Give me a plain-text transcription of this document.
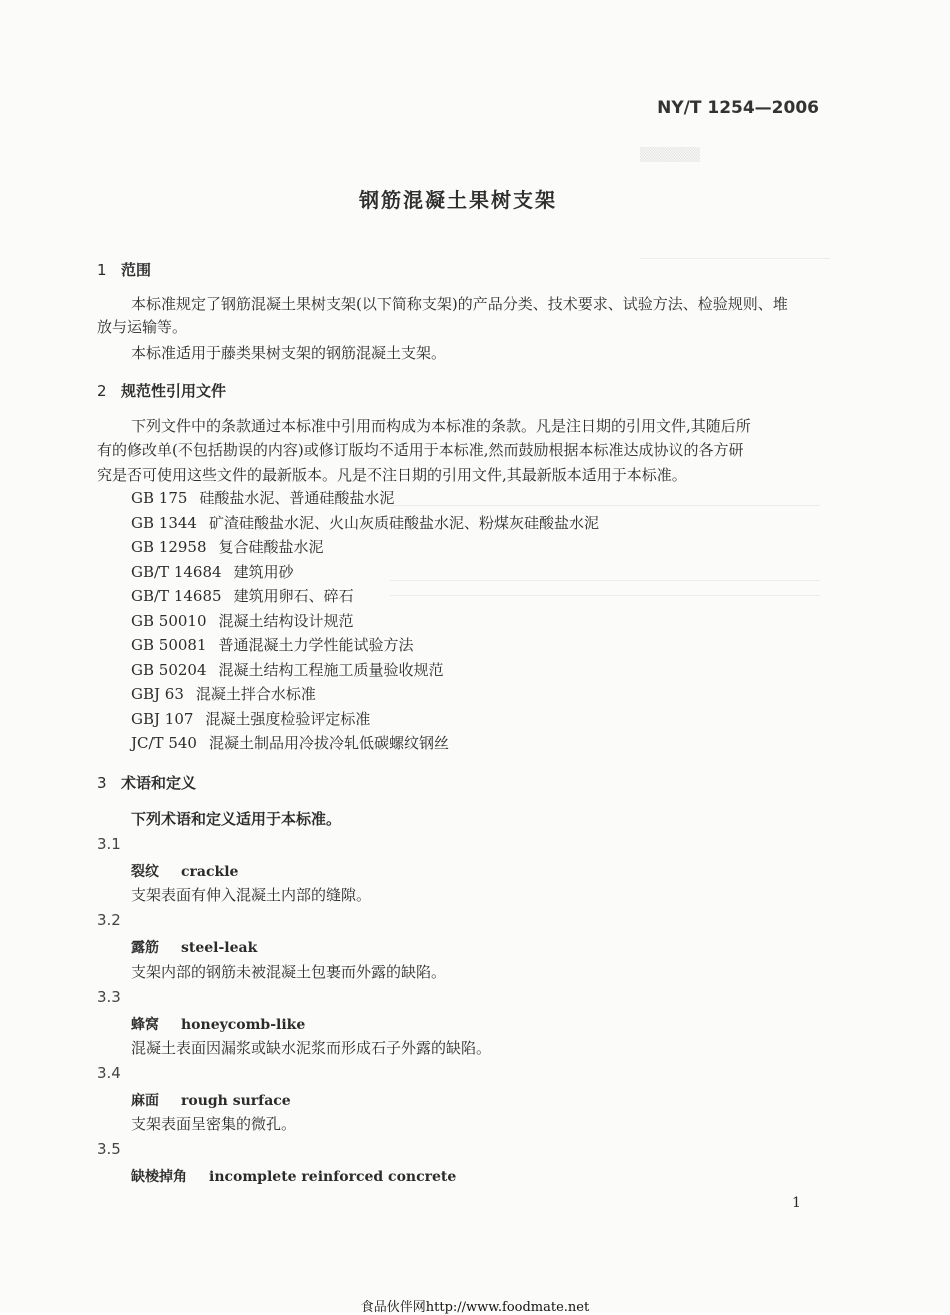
▒▒▒▒▒▒
NY/T 1254—2006
钢筋混凝土果树支架
1 范围
本标准规定了钢筋混凝土果树支架(以下简称支架)的产品分类、技术要求、试验方法、检验规则、堆
放与运输等。
本标准适用于藤类果树支架的钢筋混凝土支架。
2 规范性引用文件
下列文件中的条款通过本标准中引用而构成为本标准的条款。凡是注日期的引用文件,其随后所
有的修改单(不包括勘误的内容)或修订版均不适用于本标准,然而鼓励根据本标准达成协议的各方研
究是否可使用这些文件的最新版本。凡是不注日期的引用文件,其最新版本适用于本标准。
GB 175 硅酸盐水泥、普通硅酸盐水泥
GB 1344 矿渣硅酸盐水泥、火山灰质硅酸盐水泥、粉煤灰硅酸盐水泥
GB 12958 复合硅酸盐水泥
GB/T 14684 建筑用砂
GB/T 14685 建筑用卵石、碎石
GB 50010 混凝土结构设计规范
GB 50081 普通混凝土力学性能试验方法
GB 50204 混凝土结构工程施工质量验收规范
GBJ 63 混凝土拌合水标准
GBJ 107 混凝土强度检验评定标准
JC/T 540 混凝土制品用冷拔冷轧低碳螺纹钢丝
3 术语和定义
下列术语和定义适用于本标准。
3.1
裂纹 crackle
支架表面有伸入混凝土内部的缝隙。
3.2
露筋 steel-leak
支架内部的钢筋未被混凝土包裹而外露的缺陷。
3.3
蜂窝 honeycomb-like
混凝土表面因漏浆或缺水泥浆而形成石子外露的缺陷。
3.4
麻面 rough surface
支架表面呈密集的微孔。
3.5
缺棱掉角 incomplete reinforced concrete
1
食品伙伴网http://www.foodmate.net
